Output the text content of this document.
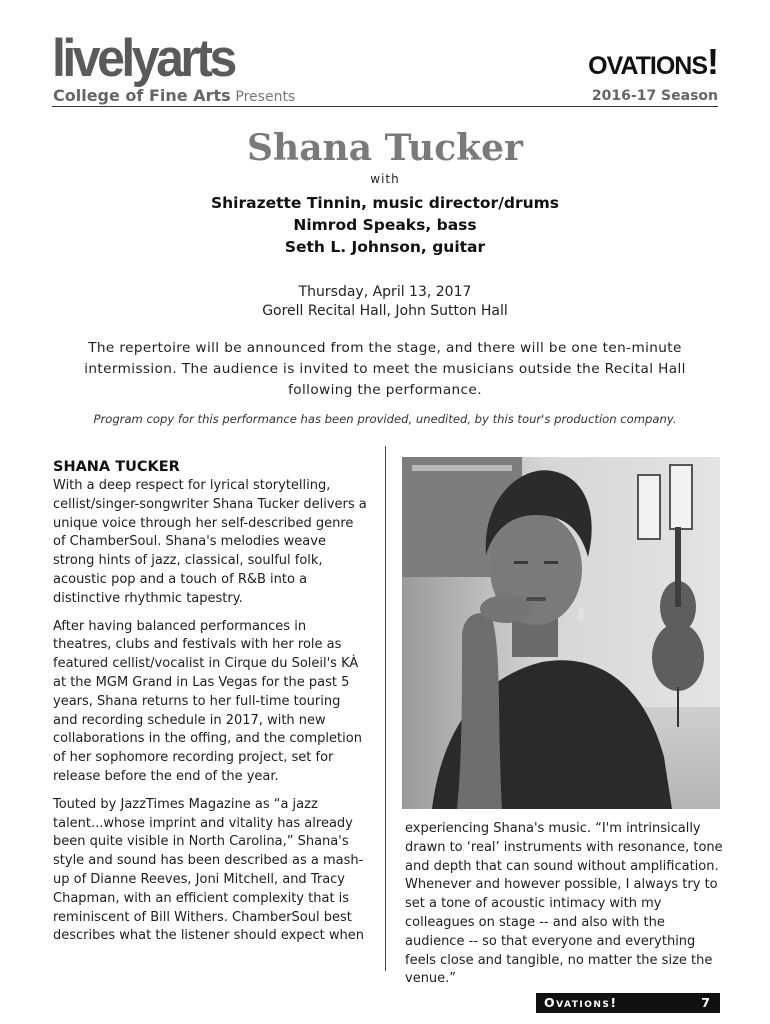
livelyarts	ovations!
College of Fine Arts Presents	2016-17 Season
Shana Tucker
with
Shirazette Tinnin, music director/drums
Nimrod Speaks, bass
Seth L. Johnson, guitar
Thursday, April 13, 2017
Gorell Recital Hall, John Sutton Hall
The repertoire will be announced from the stage, and there will be one ten-minute intermission. The audience is invited to meet the musicians outside the Recital Hall following the performance.
Program copy for this performance has been provided, unedited, by this tour's production company.
SHANA TUCKER

With a deep respect for lyrical storytelling, cellist/singer-songwriter Shana Tucker delivers a unique voice through her self-described genre of ChamberSoul. Shana's melodies weave strong hints of jazz, classical, soulful folk, acoustic pop and a touch of R&B into a distinctive rhythmic tapestry.

After having balanced performances in theatres, clubs and festivals with her role as featured cellist/vocalist in Cirque du Soleil's KÀ at the MGM Grand in Las Vegas for the past 5 years, Shana returns to her full-time touring and recording schedule in 2017, with new collaborations in the offing, and the completion of her sophomore recording project, set for release before the end of the year.

Touted by JazzTimes Magazine as “a jazz talent...whose imprint and vitality has already been quite visible in North Carolina,” Shana's style and sound has been described as a mash-up of Dianne Reeves, Joni Mitchell, and Tracy Chapman, with an efficient complexity that is reminiscent of Bill Withers. ChamberSoul best describes what the listener should expect when

experiencing Shana's music. “I'm intrinsically drawn to ‘real’ instruments with resonance, tone and depth that can sound without amplification. Whenever and however possible, I always try to set a tone of acoustic intimacy with my colleagues on stage -- and also with the audience -- so that everyone and everything feels close and tangible, no matter the size the venue.”

Ovations!	7
